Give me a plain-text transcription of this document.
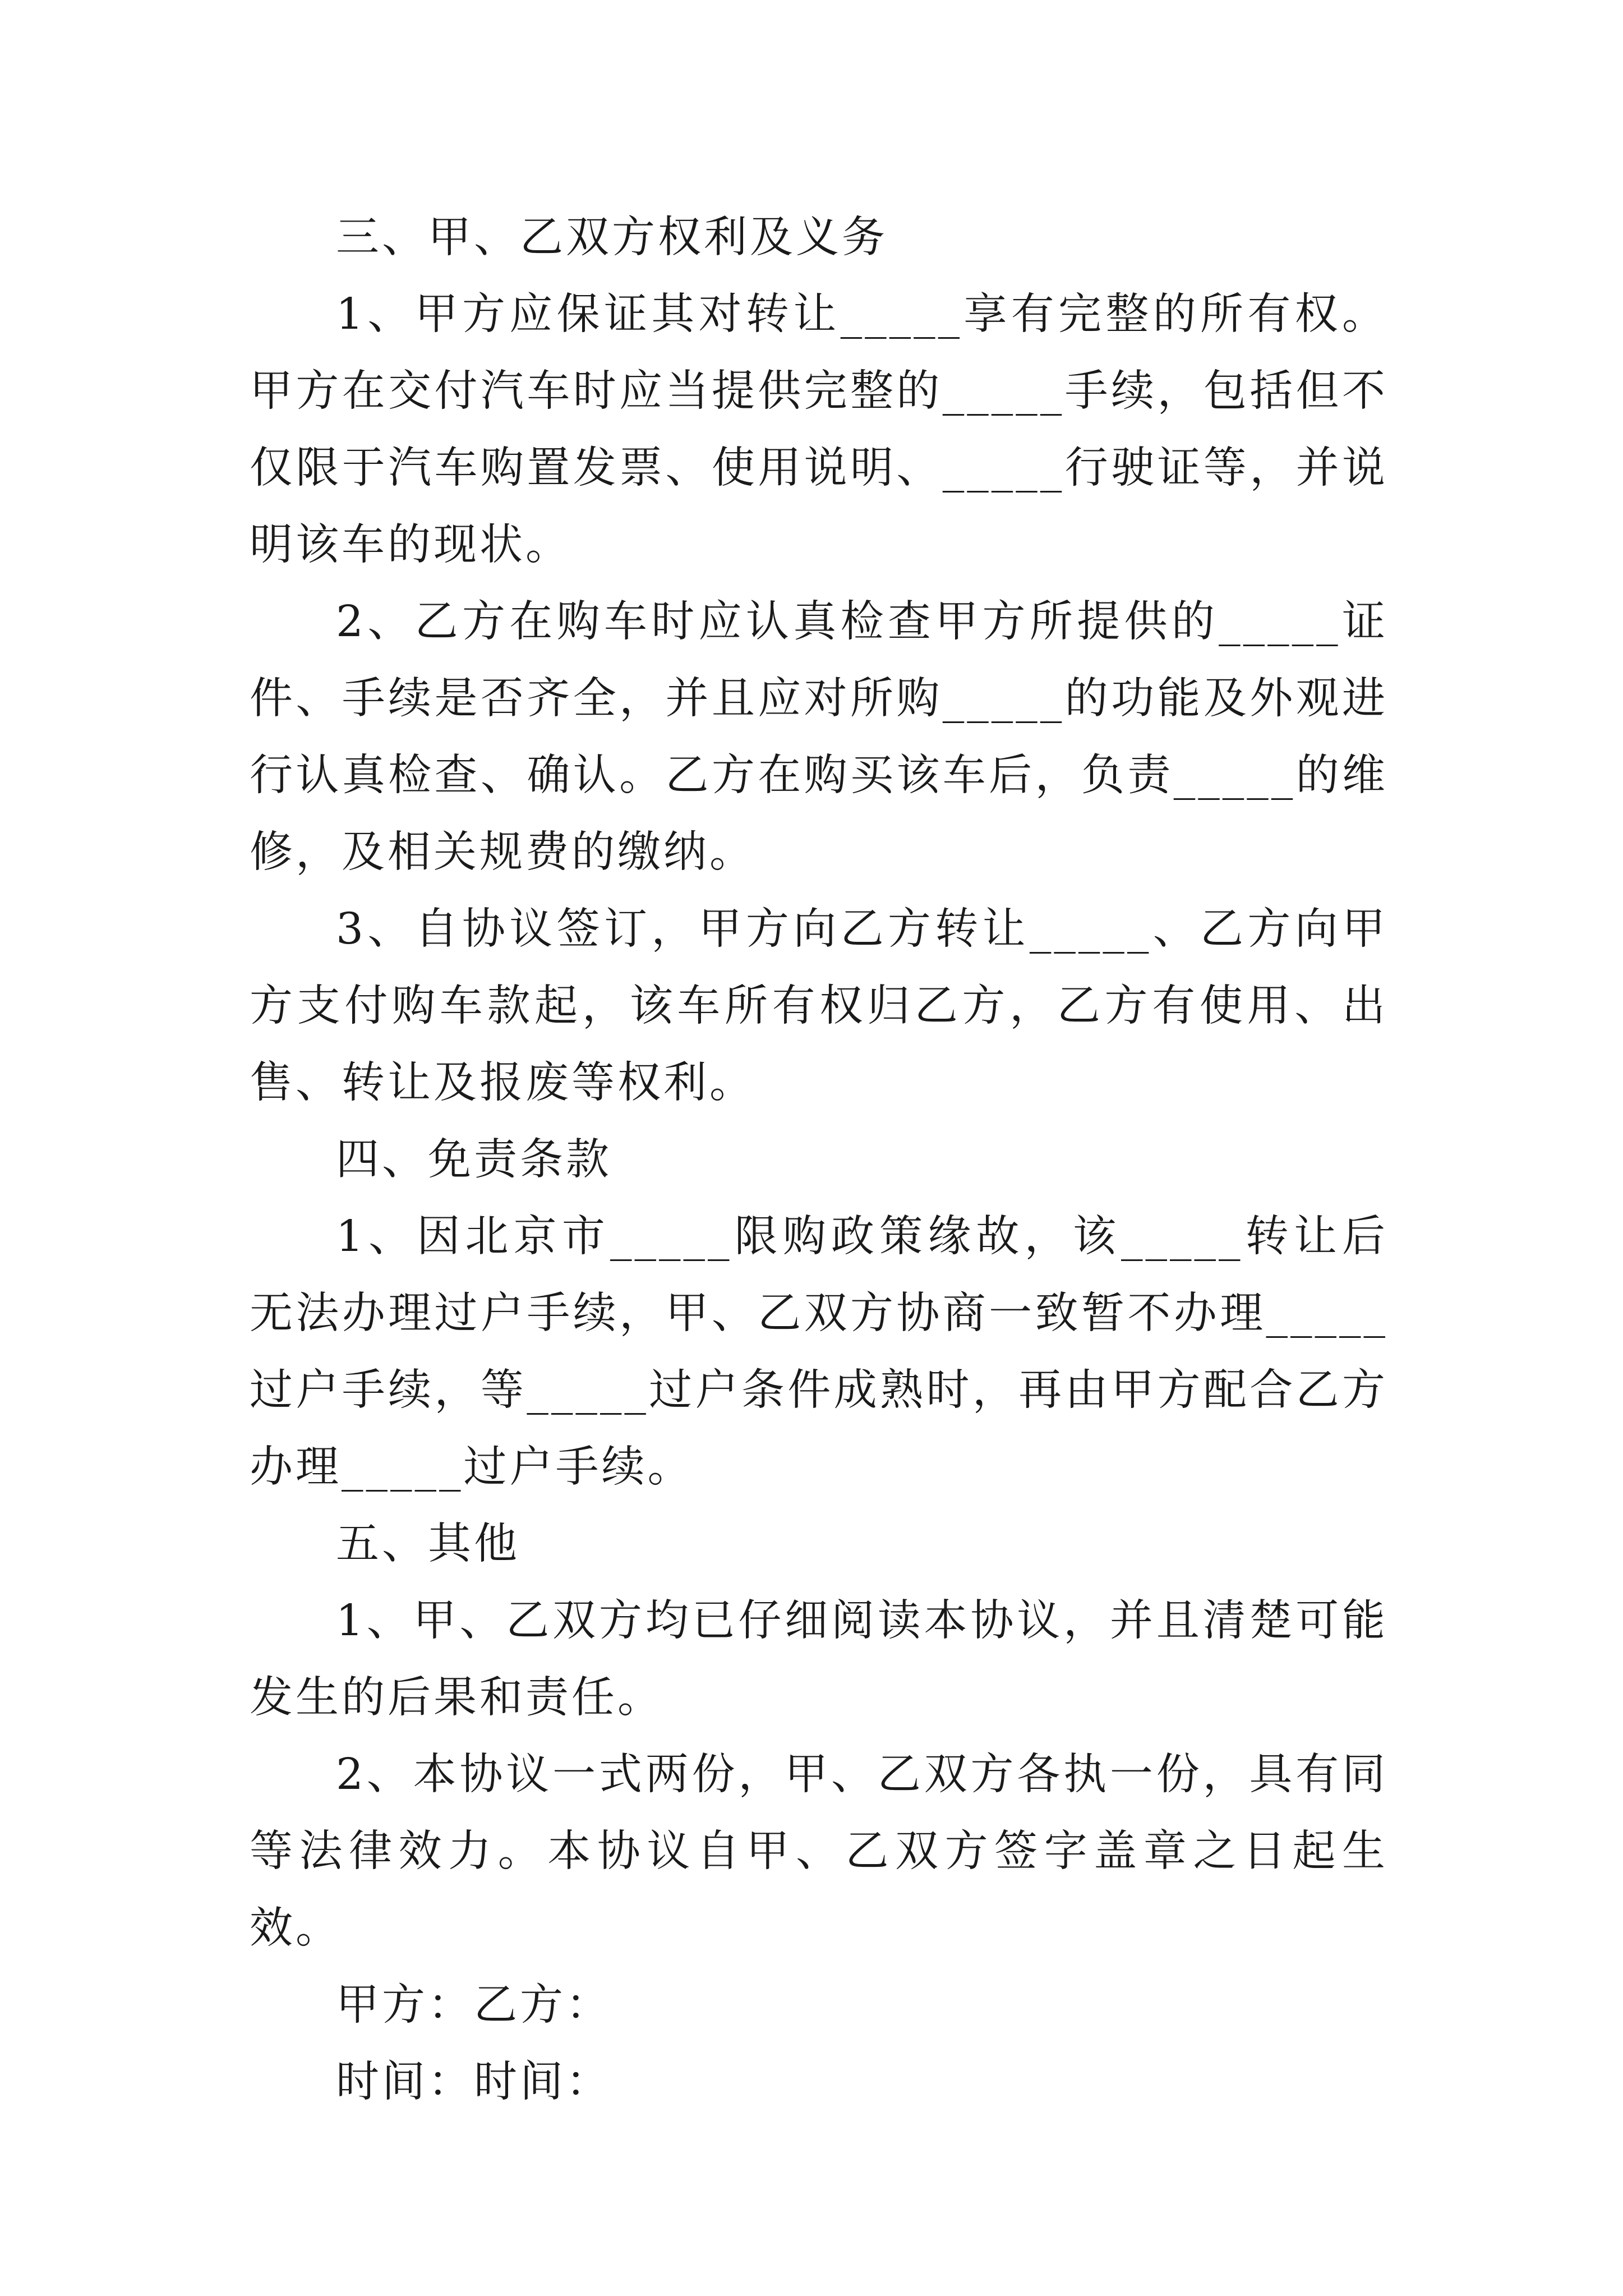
三、甲、乙双方权利及义务

1、甲方应保证其对转让_____享有完整的所有权。甲方在交付汽车时应当提供完整的_____手续，包括但不仅限于汽车购置发票、使用说明、_____行驶证等，并说明该车的现状。

2、乙方在购车时应认真检查甲方所提供的_____证件、手续是否齐全，并且应对所购_____的功能及外观进行认真检查、确认。乙方在购买该车后，负责_____的维修，及相关规费的缴纳。

3、自协议签订，甲方向乙方转让_____、乙方向甲方支付购车款起，该车所有权归乙方，乙方有使用、出售、转让及报废等权利。

四、免责条款

1、因北京市_____限购政策缘故，该_____转让后无法办理过户手续，甲、乙双方协商一致暂不办理_____过户手续，等_____过户条件成熟时，再由甲方配合乙方办理_____过户手续。

五、其他

1、甲、乙双方均已仔细阅读本协议，并且清楚可能发生的后果和责任。

2、本协议一式两份，甲、乙双方各执一份，具有同等法律效力。本协议自甲、乙双方签字盖章之日起生效。

甲方：乙方：

时间：时间：
